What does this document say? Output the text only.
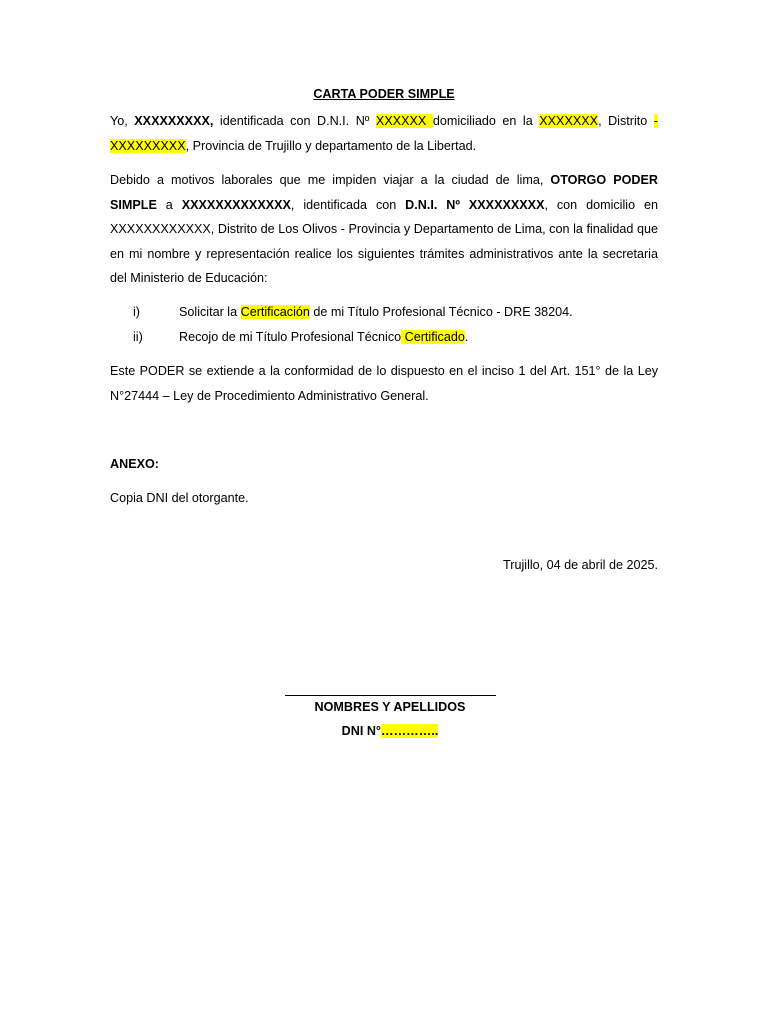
CARTA PODER SIMPLE
Yo, XXXXXXXXX, identificada con D.N.I. Nº XXXXXX domiciliado en la XXXXXXX, Distrito - XXXXXXXXX, Provincia de Trujillo y departamento de la Libertad.
Debido a motivos laborales que me impiden viajar a la ciudad de lima, OTORGO PODER SIMPLE a XXXXXXXXXXXXX, identificada con D.N.I. Nº XXXXXXXXX, con domicilio en XXXXXXXXXXXX, Distrito de Los Olivos - Provincia y Departamento de Lima, con la finalidad que en mi nombre y representación realice los siguientes trámites administrativos ante la secretaria del Ministerio de Educación:
i)	Solicitar la Certificación de mi Título Profesional Técnico - DRE 38204.
ii)	Recojo de mi Título Profesional Técnico Certificado.
Este PODER se extiende a la conformidad de lo dispuesto en el inciso 1 del Art. 151° de la Ley N°27444 – Ley de Procedimiento Administrativo General.
ANEXO:
Copia DNI del otorgante.
Trujillo, 04 de abril de 2025.
NOMBRES Y APELLIDOS
DNI N°…………..
